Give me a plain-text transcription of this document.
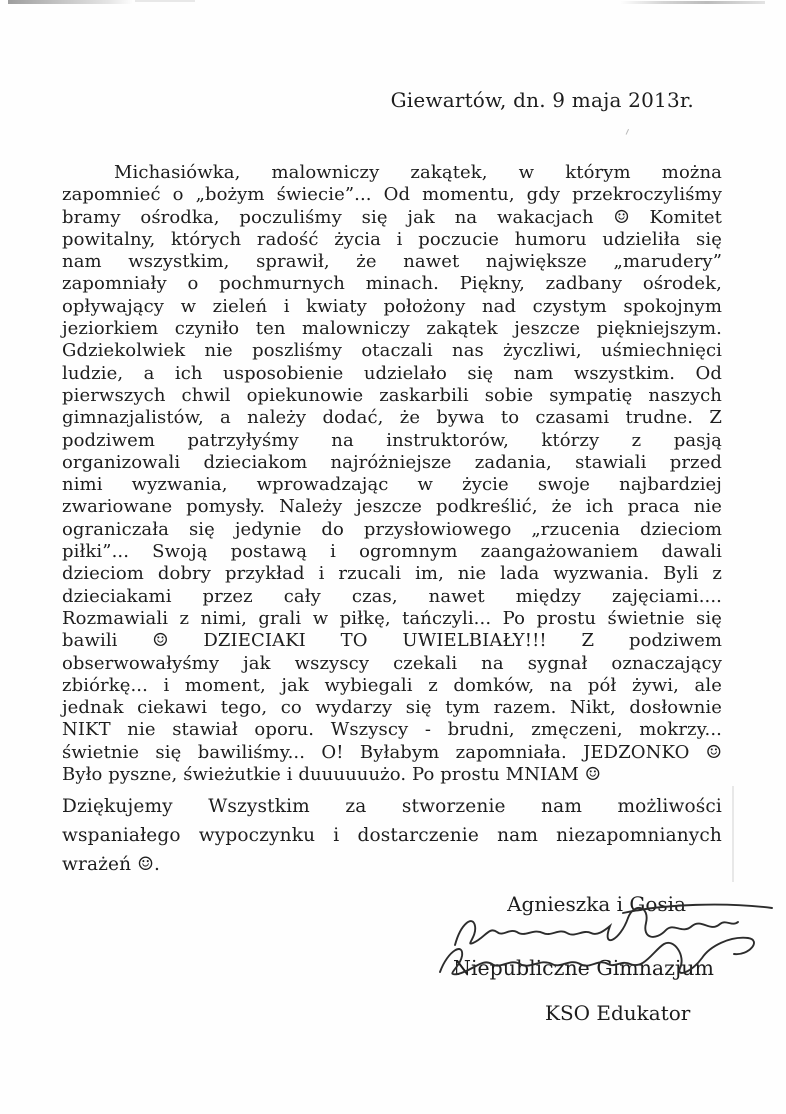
Giewartów, dn. 9 maja 2013r.
Michasiówka, malowniczy zakątek, w którym można
zapomnieć o „bożym świecie”... Od momentu, gdy przekroczyliśmy
bramy ośrodka, poczuliśmy się jak na wakacjach ☺ Komitet
powitalny, których radość życia i poczucie humoru udzieliła się
nam wszystkim, sprawił, że nawet największe „marudery”
zapomniały o pochmurnych minach. Piękny, zadbany ośrodek,
opływający w zieleń i kwiaty położony nad czystym spokojnym
jeziorkiem czyniło ten malowniczy zakątek jeszcze piękniejszym.
Gdziekolwiek nie poszliśmy otaczali nas życzliwi, uśmiechnięci
ludzie, a ich usposobienie udzielało się nam wszystkim. Od
pierwszych chwil opiekunowie zaskarbili sobie sympatię naszych
gimnazjalistów, a należy dodać, że bywa to czasami trudne. Z
podziwem patrzyłyśmy na instruktorów, którzy z pasją
organizowali dzieciakom najróżniejsze zadania, stawiali przed
nimi wyzwania, wprowadzając w życie swoje najbardziej
zwariowane pomysły. Należy jeszcze podkreślić, że ich praca nie
ograniczała się jedynie do przysłowiowego „rzucenia dzieciom
piłki”... Swoją postawą i ogromnym zaangażowaniem dawali
dzieciom dobry przykład i rzucali im, nie lada wyzwania. Byli z
dzieciakami przez cały czas, nawet między zajęciami....
Rozmawiali z nimi, grali w piłkę, tańczyli... Po prostu świetnie się
bawili ☺ DZIECIAKI TO UWIELBIAŁY!!! Z podziwem
obserwowałyśmy jak wszyscy czekali na sygnał oznaczający
zbiórkę... i moment, jak wybiegali z domków, na pół żywi, ale
jednak ciekawi tego, co wydarzy się tym razem. Nikt, dosłownie
NIKT nie stawiał oporu. Wszyscy - brudni, zmęczeni, mokrzy...
świetnie się bawiliśmy... O! Byłabym zapomniała. JEDZONKO ☺
Było pyszne, świeżutkie i duuuuuużo. Po prostu MNIAM ☺
Dziękujemy Wszystkim za stworzenie nam możliwości
wspaniałego wypoczynku i dostarczenie nam niezapomnianych
wrażeń ☺.
Agnieszka i Gosia
Niepubliczne Gimnazjum
KSO Edukator
